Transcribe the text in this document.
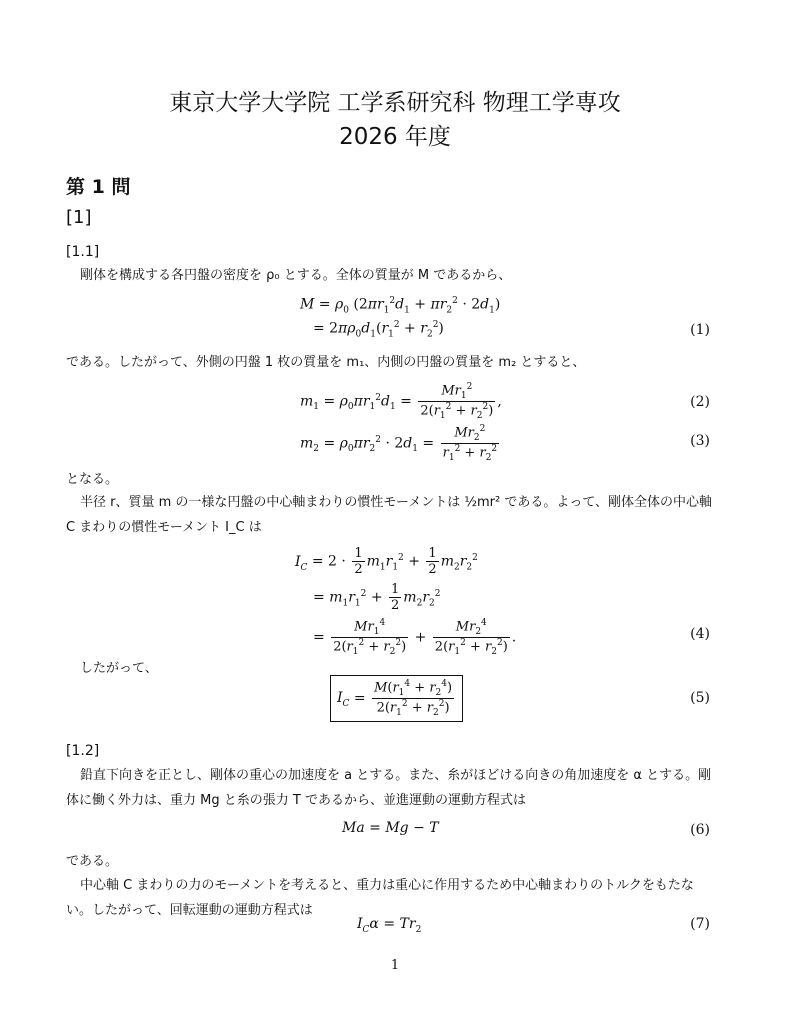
東京大学大学院 工学系研究科 物理工学専攻
2026 年度
第 1 問
[1]
[1.1]
剛体を構成する各円盤の密度を ρ₀ とする。全体の質量が M であるから、
$M = \rho_0$ $(2\pi r_1^2d_1 + \pi r_2^2 \cdot 2d_1)$
= $2\pi\rho_0d_1(r_1^2 + r_2^2)$	(1)
である。したがって、外側の円盤 1 枚の質量を m₁、内側の円盤の質量を m₂ とすると、
$m_1 = \rho_0\pi r_1^2d_1 = \frac{Mr_1^2}{2(r_1^2 + r_2^2)}$ ,	(2)
$m_2 = \rho_0\pi r_2^2 \cdot 2d_1 = \frac{Mr_2^2}{r_1^2 + r_2^2}$	(3)
となる。
半径 r、質量 m の一様な円盤の中心軸まわりの慣性モーメントは ½mr² である。よって、剛体全体の中心軸 C まわりの慣性モーメント I_C は
$I_C = 2 \cdot \frac{1}{2} m_1r_1^2 + \frac{1}{2} m_2r_2^2$
= $m_1r_1^2 + \frac{1}{2} m_2r_2^2$
= $\frac{Mr_1^4}{2(r_1^2 + r_2^2)} + \frac{Mr_2^4}{2(r_1^2 + r_2^2)}$ .	(4)
したがって、
$I_C = \frac{M(r_1^4 + r_2^4)}{2(r_1^2 + r_2^2)}$	(5)
[1.2]
鉛直下向きを正とし、剛体の重心の加速度を a とする。また、糸がほどける向きの角加速度を α とする。剛体に働く外力は、重力 Mg と糸の張力 T であるから、並進運動の運動方程式は
Ma = Mg − T	(6)
である。
中心軸 C まわりの力のモーメントを考えると、重力は重心に作用するため中心軸まわりのトルクをもたない。したがって、回転運動の運動方程式は
$I_C\alpha = Tr_2$	(7)
1
